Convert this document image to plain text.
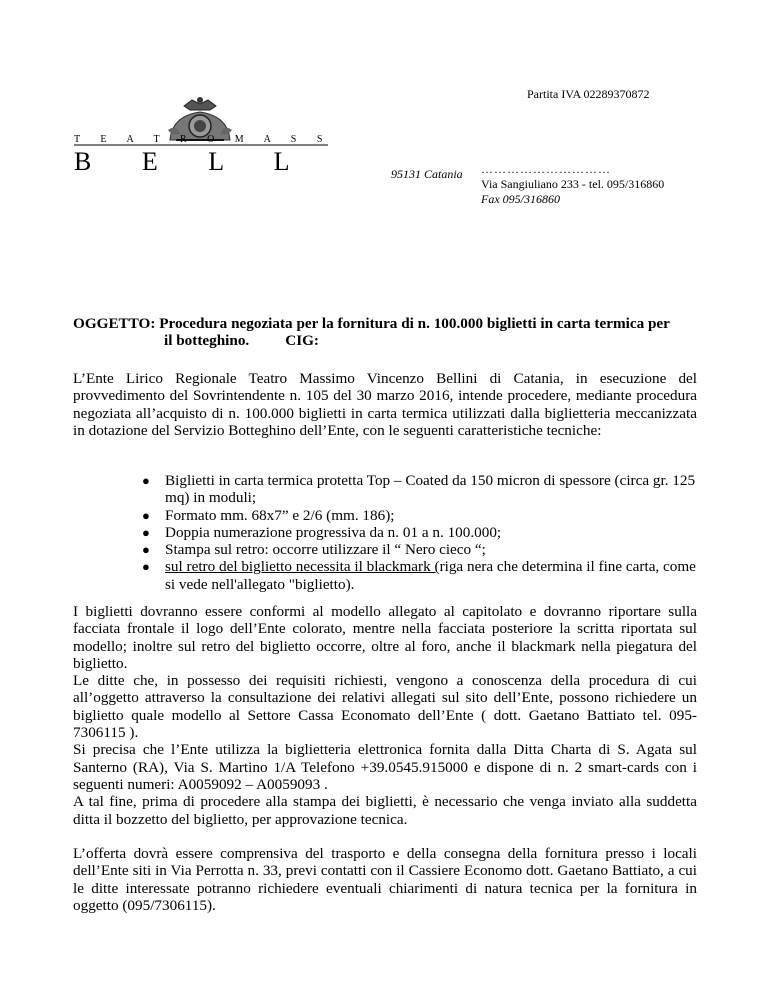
Partita IVA 02289370872
T E A T R O M A S S
B E L L	95131 Catania …………………………
Via Sangiuliano 233 - tel. 095/316860
Fax 095/316860
OGGETTO: Procedura negoziata per la fornitura di n. 100.000 biglietti in carta termica per
il botteghino. CIG:
L’Ente Lirico Regionale Teatro Massimo Vincenzo Bellini di Catania, in esecuzione del provvedimento del Sovrintendente n. 105 del 30 marzo 2016, intende procedere, mediante procedura negoziata all’acquisto di n. 100.000 biglietti in carta termica utilizzati dalla biglietteria meccanizzata in dotazione del Servizio Botteghino dell’Ente, con le seguenti caratteristiche tecniche:
● Biglietti in carta termica protetta Top – Coated da 150 micron di spessore (circa gr. 125 mq) in moduli;
● Formato mm. 68x7” e 2/6 (mm. 186);
● Doppia numerazione progressiva da n. 01 a n. 100.000;
● Stampa sul retro: occorre utilizzare il “ Nero cieco “;
● sul retro del biglietto necessita il blackmark (riga nera che determina il fine carta, come si vede nell'allegato "biglietto).
I biglietti dovranno essere conformi al modello allegato al capitolato e dovranno riportare sulla facciata frontale il logo dell’Ente colorato, mentre nella facciata posteriore la scritta riportata sul modello; inoltre sul retro del biglietto occorre, oltre al foro, anche il blackmark nella piegatura del biglietto.
Le ditte che, in possesso dei requisiti richiesti, vengono a conoscenza della procedura di cui all’oggetto attraverso la consultazione dei relativi allegati sul sito dell’Ente, possono richiedere un biglietto quale modello al Settore Cassa Economato dell’Ente ( dott. Gaetano Battiato tel. 095-7306115 ).
Si precisa che l’Ente utilizza la biglietteria elettronica fornita dalla Ditta Charta di S. Agata sul Santerno (RA), Via S. Martino 1/A Telefono +39.0545.915000 e dispone di n. 2 smart-cards con i seguenti numeri: A0059092 – A0059093 .
A tal fine, prima di procedere alla stampa dei biglietti, è necessario che venga inviato alla suddetta ditta il bozzetto del biglietto, per approvazione tecnica.
L’offerta dovrà essere comprensiva del trasporto e della consegna della fornitura presso i locali dell’Ente siti in Via Perrotta n. 33, previ contatti con il Cassiere Economo dott. Gaetano Battiato, a cui le ditte interessate potranno richiedere eventuali chiarimenti di natura tecnica per la fornitura in oggetto (095/7306115).
